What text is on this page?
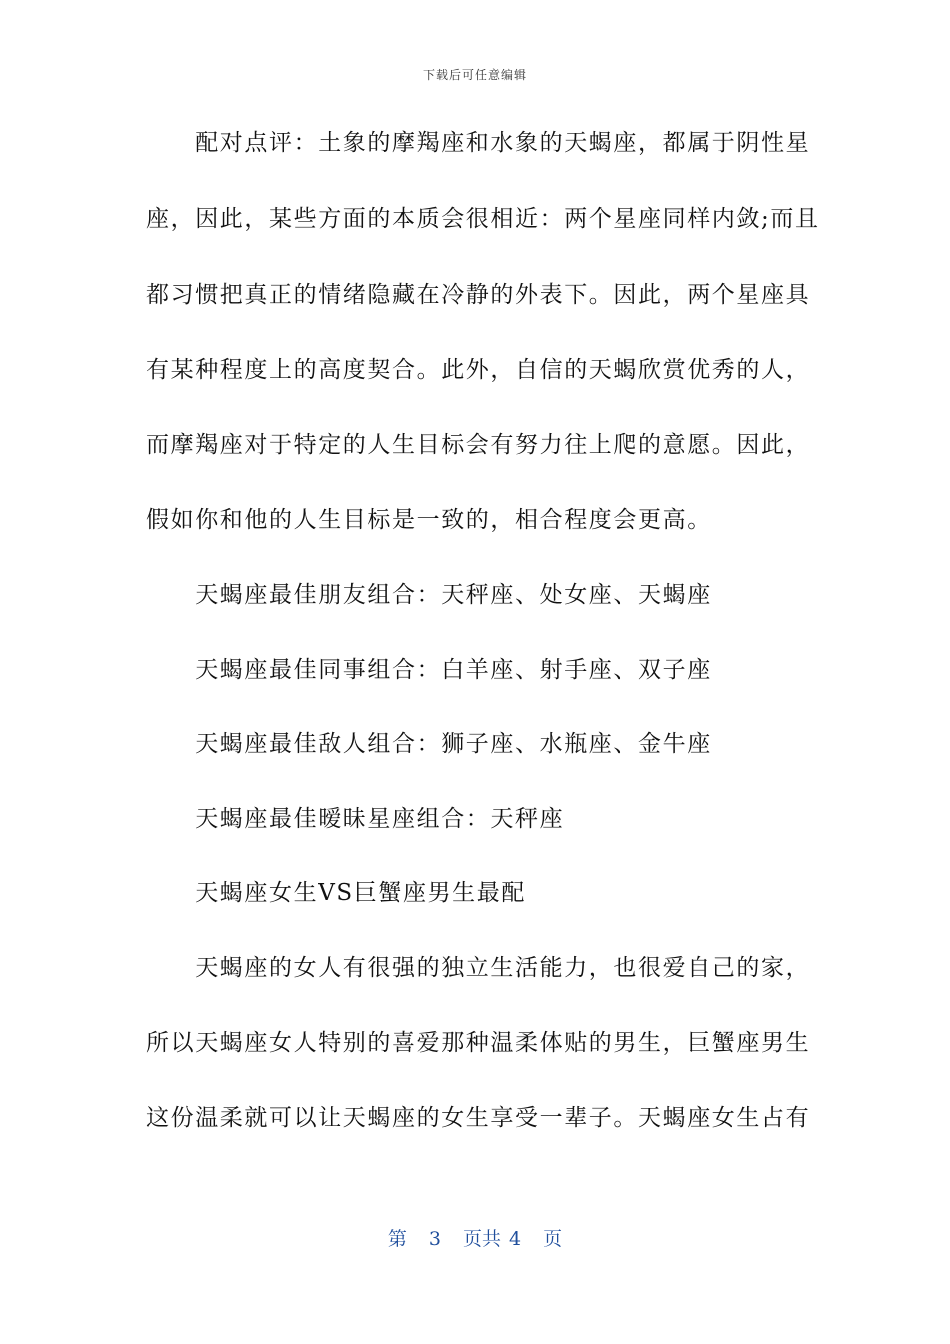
下载后可任意编辑
　　配对点评：土象的摩羯座和水象的天蝎座，都属于阴性星
座，因此，某些方面的本质会很相近：两个星座同样内敛;而且
都习惯把真正的情绪隐藏在冷静的外表下。因此，两个星座具
有某种程度上的高度契合。此外，自信的天蝎欣赏优秀的人，
而摩羯座对于特定的人生目标会有努力往上爬的意愿。因此，
假如你和他的人生目标是一致的，相合程度会更高。
　　天蝎座最佳朋友组合：天秤座、处女座、天蝎座
　　天蝎座最佳同事组合：白羊座、射手座、双子座
　　天蝎座最佳敌人组合：狮子座、水瓶座、金牛座
　　天蝎座最佳暧昧星座组合：天秤座
　　天蝎座女生VS巨蟹座男生最配
　　天蝎座的女人有很强的独立生活能力，也很爱自己的家，
所以天蝎座女人特别的喜爱那种温柔体贴的男生，巨蟹座男生
这份温柔就可以让天蝎座的女生享受一辈子。天蝎座女生占有
第 3 页共 4 页
